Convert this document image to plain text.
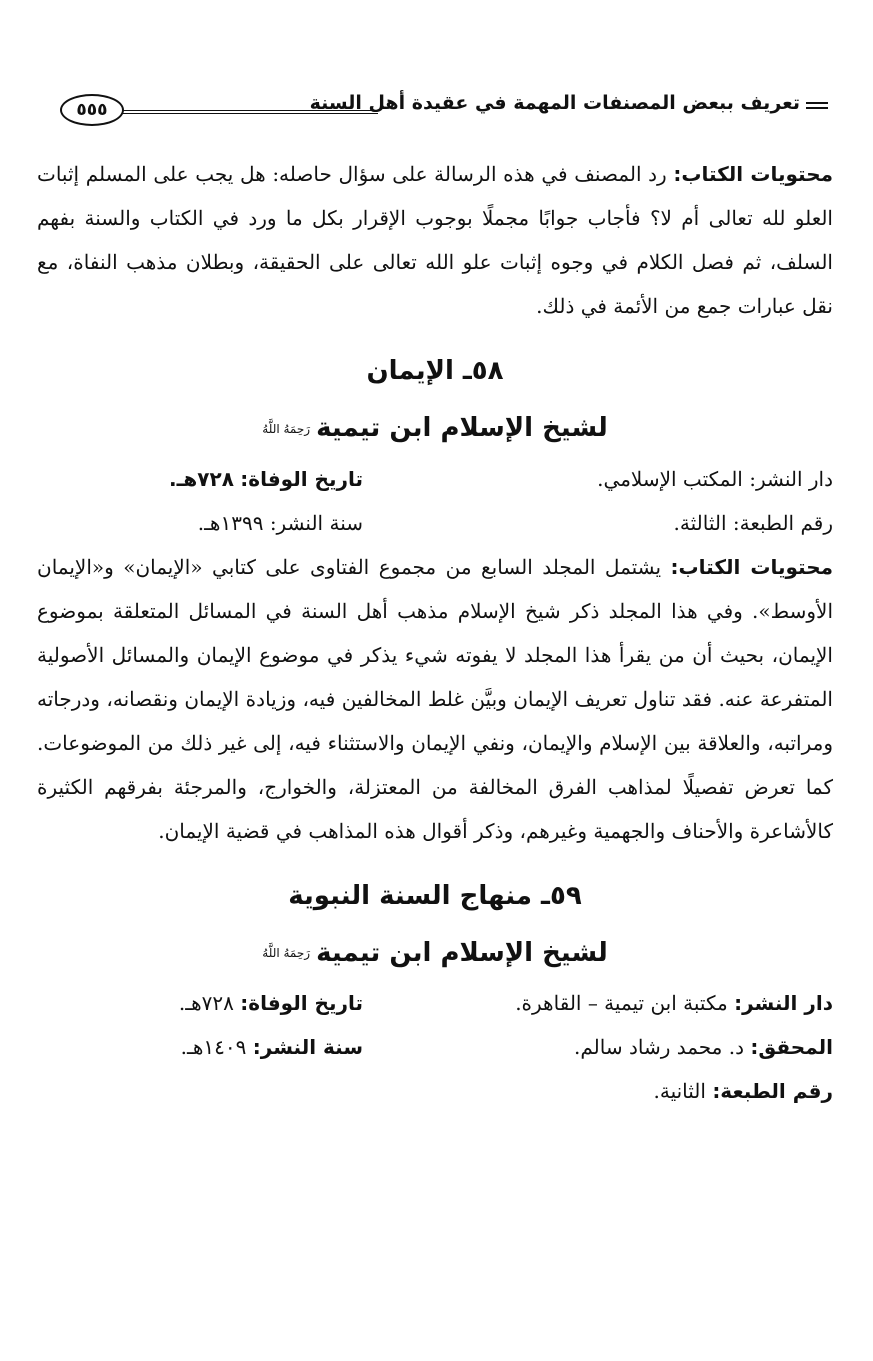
تعريف ببعض المصنفات المهمة في عقيدة أهل السنة
٥٥٥

محتويات الكتاب: رد المصنف في هذه الرسالة على سؤال حاصله: هل يجب على المسلم إثبات العلو لله تعالى أم لا؟ فأجاب جوابًا مجملًا بوجوب الإقرار بكل ما ورد في الكتاب والسنة بفهم السلف، ثم فصل الكلام في وجوه إثبات علو الله تعالى على الحقيقة، وبطلان مذهب النفاة، مع نقل عبارات جمع من الأئمة في ذلك.

٥٨ـ الإيمان
لشيخ الإسلام ابن تيميةرَحِمَهُ اللَّهُ
دار النشر: المكتب الإسلامي.
تاريخ الوفاة: ٧٢٨هـ.
رقم الطبعة: الثالثة.
سنة النشر: ١٣٩٩هـ.

محتويات الكتاب: يشتمل المجلد السابع من مجموع الفتاوى على كتابي «الإيمان» و«الإيمان الأوسط». وفي هذا المجلد ذكر شيخ الإسلام مذهب أهل السنة في المسائل المتعلقة بموضوع الإيمان، بحيث أن من يقرأ هذا المجلد لا يفوته شيء يذكر في موضوع الإيمان والمسائل الأصولية المتفرعة عنه. فقد تناول تعريف الإيمان وبيَّن غلط المخالفين فيه، وزيادة الإيمان ونقصانه، ودرجاته ومراتبه، والعلاقة بين الإسلام والإيمان، ونفي الإيمان والاستثناء فيه، إلى غير ذلك من الموضوعات. كما تعرض تفصيلًا لمذاهب الفرق المخالفة من المعتزلة، والخوارج، والمرجئة بفرقهم الكثيرة كالأشاعرة والأحناف والجهمية وغيرهم، وذكر أقوال هذه المذاهب في قضية الإيمان.

٥٩ـ منهاج السنة النبوية
لشيخ الإسلام ابن تيميةرَحِمَهُ اللَّهُ
دار النشر: مكتبة ابن تيمية – القاهرة.
تاريخ الوفاة: ٧٢٨هـ.
المحقق: د. محمد رشاد سالم.
سنة النشر: ١٤٠٩هـ.
رقم الطبعة: الثانية.
